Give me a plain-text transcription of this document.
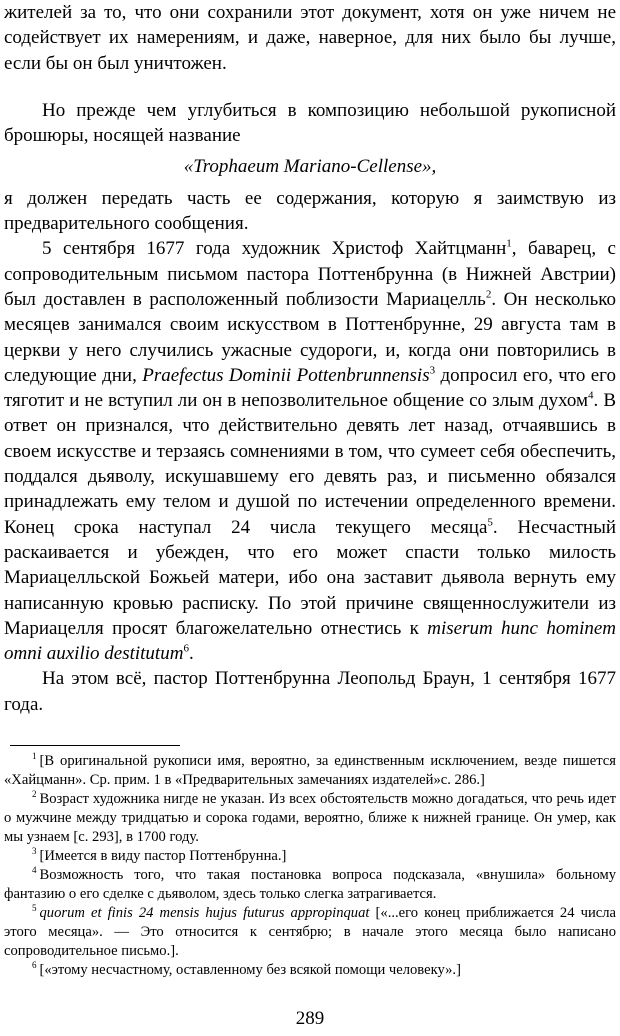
жителей за то, что они сохранили этот документ, хотя он уже ничем не содействует их намерениям, и даже, наверное, для них было бы лучше, если бы он был уничтожен.

Но прежде чем углубиться в композицию небольшой рукописной брошюры, носящей название

«Trophaeum Mariano-Cellense»,

я должен передать часть ее содержания, которую я заимствую из предварительного сообщения.

5 сентября 1677 года художник Христоф Хайтцманн$^1$, баварец, с сопроводительным письмом пастора Поттенбрунна (в Нижней Австрии) был доставлен в расположенный поблизости Мариацелль$^2$. Он несколько месяцев занимался своим искусством в Поттенбрунне, 29 августа там в церкви у него случились ужасные судороги, и, когда они повторились в следующие дни, Praefectus Dominii Pottenbrunnensis$^3$ допросил его, что его тяготит и не вступил ли он в непозволительное общение со злым духом$^4$. В ответ он признался, что действительно девять лет назад, отчаявшись в своем искусстве и терзаясь сомнениями в том, что сумеет себя обеспечить, поддался дьяволу, искушавшему его девять раз, и письменно обязался принадлежать ему телом и душой по истечении определенного времени. Конец срока наступал 24 числа текущего месяца$^5$. Несчастный раскаивается и убежден, что его может спасти только милость Мариацелльской Божьей матери, ибо она заставит дьявола вернуть ему написанную кровью расписку. По этой причине священнослужители из Мариацелля просят благожелательно отнестись к miserum hunc hominem omni auxilio destitutum$^6$.

На этом всё, пастор Поттенбрунна Леопольд Браун, 1 сентября 1677 года.

$^1$ [В оригинальной рукописи имя, вероятно, за единственным исключением, везде пишется «Хайцманн». Ср. прим. 1 в «Предварительных замечаниях издателей»с. 286.]

$^2$ Возраст художника нигде не указан. Из всех обстоятельств можно догадаться, что речь идет о мужчине между тридцатью и сорока годами, вероятно, ближе к нижней границе. Он умер, как мы узнаем [с. 293], в 1700 году.

$^3$ [Имеется в виду пастор Поттенбрунна.]

$^4$ Возможность того, что такая постановка вопроса подсказала, «внушила» больному фантазию о его сделке с дьяволом, здесь только слегка затрагивается.

$^5$ quorum et finis 24 mensis hujus futurus appropinquat [«...его конец приближается 24 числа этого месяца». — Это относится к сентябрю; в начале этого месяца было написано сопроводительное письмо.].

$^6$ [«этому несчастному, оставленному без всякой помощи человеку».]

289
